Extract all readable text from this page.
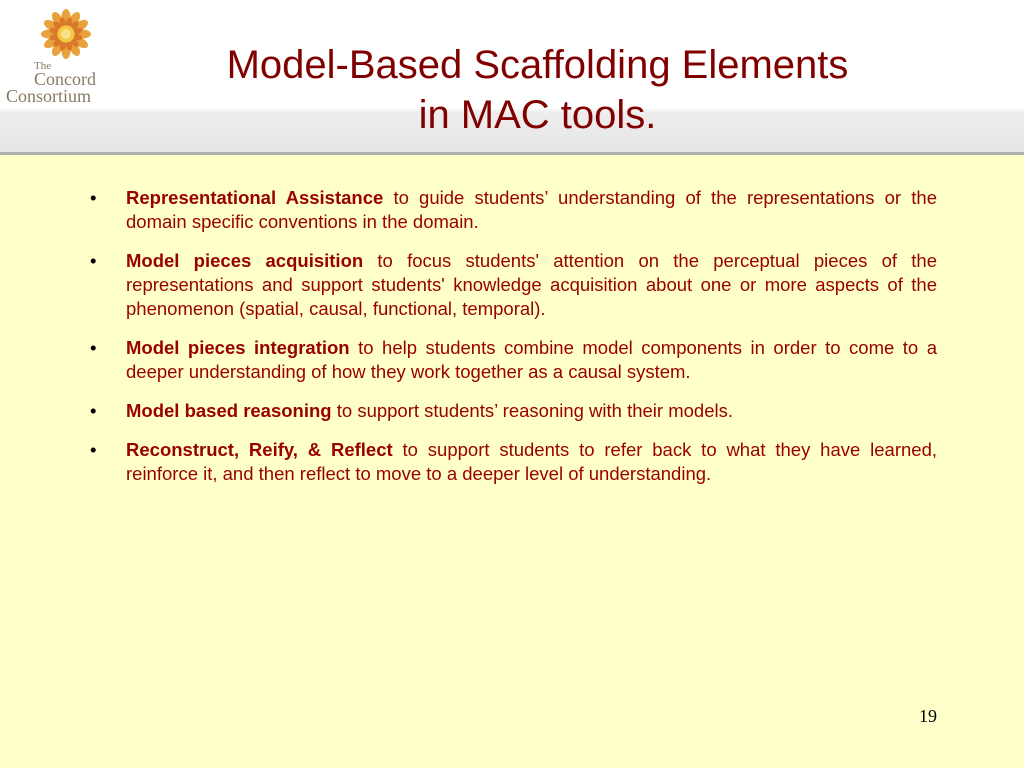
The
Concord
Consortium
Model-Based Scaffolding Elements
in MAC tools.
• Representational Assistance to guide students’ understanding of the representations or the domain specific conventions in the domain.
• Model pieces acquisition to focus students' attention on the perceptual pieces of the representations and support students' knowledge acquisition about one or more aspects of the phenomenon (spatial, causal, functional, temporal).
• Model pieces integration to help students combine model components in order to come to a deeper understanding of how they work together as a causal system.
• Model based reasoning to support students’ reasoning with their models.
• Reconstruct, Reify, & Reflect to support students to refer back to what they have learned, reinforce it, and then reflect to move to a deeper level of understanding.
19
